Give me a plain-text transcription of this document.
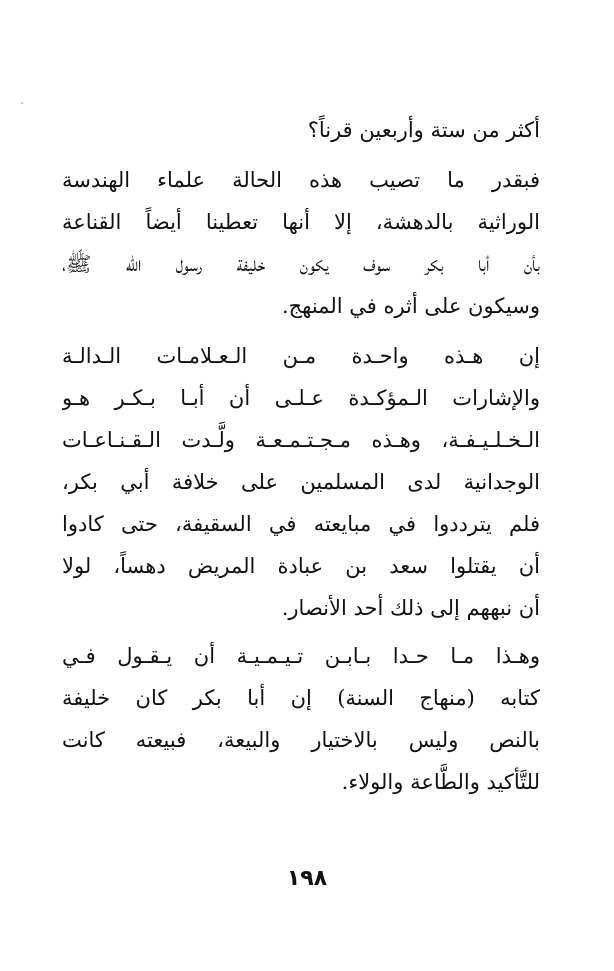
أكثر من ستة وأربعين قرناً؟
فبقدر ما تصيب هذه الحالة علماء الهندسة
الوراثية بالدهشة، إلا أنها تعطينا أيضاً القناعة
بأن أبا بكر سوف يكون خليفة رسول الله ﷺ،
وسيكون على أثره في المنهج.
إن هـذه واحـدة مـن الـعـلامـات الـدالـة
والإشارات الـمؤكـدة عـلـى أن أبـا بـكـر هـو
الـخـلـيـفـة، وهـذه مـجـتـمـعـة ولَّـدت الـقـنـاعـات
الوجدانية لدى المسلمين على خلافة أبي بكر،
فلم يترددوا في مبايعته في السقيفة، حتى كادوا
أن يقتلوا سعد بن عبادة المريض دهساً، لولا
أن نبههم إلى ذلك أحد الأنصار.
وهـذا مـا حـدا بـابـن تـيـمـيـة أن يـقـول فـي
كتابه (منهاج السنة) إن أبا بكر كان خليفة
بالنص وليس بالاختيار والبيعة، فبيعته كانت
للتَّأكيد والطَّاعة والولاء.
١٩٨
